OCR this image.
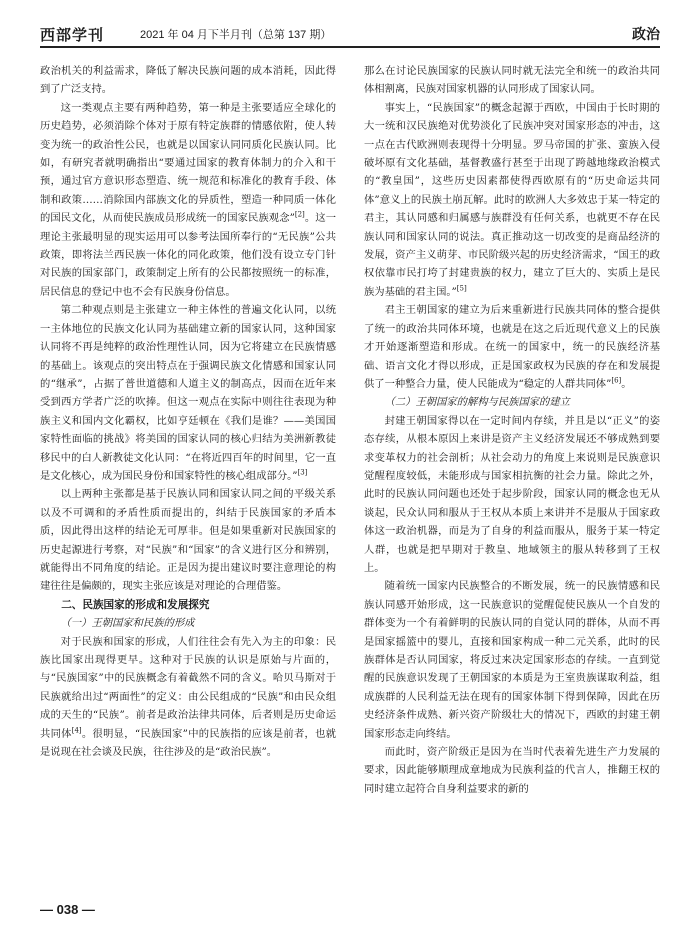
西部学刊	2021 年 04 月下半月刊（总第 137 期）	政治

政治机关的利益需求，降低了解决民族问题的成本消耗，因此得到了广泛支持。

这一类观点主要有两种趋势，第一种是主张要适应全球化的历史趋势，必须消除个体对于原有特定族群的情感依附，使人转变为统一的政治性公民，也就是以国家认同同质化民族认同。比如，有研究者就明确指出“要通过国家的教育体制力的介入和干预，通过官方意识形态塑造、统一规范和标准化的教育手段、体制和政策……消除国内部族文化的异质性，塑造一种同质一体化的国民文化，从而使民族成员形成统一的国家民族观念”[2]。这一理论主张最明显的现实运用可以参考法国所奉行的“无民族”公共政策，即将法兰西民族一体化的同化政策，他们没有设立专门针对民族的国家部门，政策制定上所有的公民都按照统一的标准，居民信息的登记中也不会有民族身份信息。

第二种观点则是主张建立一种主体性的普遍文化认同，以统一主体地位的民族文化认同为基础建立新的国家认同，这种国家认同将不再是纯粹的政治性理性认同，因为它将建立在民族情感的基础上。该观点的突出特点在于强调民族文化情感和国家认同的“继承”，占据了普世道德和人道主义的制高点，因而在近年来受到西方学者广泛的吹捧。但这一观点在实际中则往往表现为种族主义和国内文化霸权，比如亨廷顿在《我们是谁？——美国国家特性面临的挑战》将美国的国家认同的核心归结为美洲新教徒移民中的白人新教徒文化认同：“在将近四百年的时间里，它一直是文化核心，成为国民身份和国家特性的核心组成部分。”[3]

以上两种主张都是基于民族认同和国家认同之间的平级关系以及不可调和的矛盾性质而提出的，纠结于民族国家的矛盾本质，因此得出这样的结论无可厚非。但是如果重新对民族国家的历史起源进行考察，对“民族”和“国家”的含义进行区分和辨别，就能得出不同角度的结论。正是因为提出建议时要注意理论的构建往往是偏颇的，现实主张应该是对理论的合理借鉴。

二、民族国家的形成和发展探究
（一）王朝国家和民族的形成

对于民族和国家的形成，人们往往会有先入为主的印象：民族比国家出现得更早。这种对于民族的认识是原始与片面的，与“民族国家”中的民族概念有着截然不同的含义。哈贝马斯对于民族就给出过“两面性”的定义：由公民组成的“民族”和由民众组成的天生的“民族”。前者是政治法律共同体，后者则是历史命运共同体[4]。很明显，“民族国家”中的民族指的应该是前者，也就是说现在社会谈及民族，往往涉及的是“政治民族”。

那么在讨论民族国家的民族认同时就无法完全和统一的政治共同体相割离，民族对国家机器的认同形成了国家认同。

事实上，“民族国家”的概念起源于西欧，中国由于长时期的大一统和汉民族绝对优势淡化了民族冲突对国家形态的冲击，这一点在古代欧洲则表现得十分明显。罗马帝国的扩张、蛮族入侵破坏原有文化基础，基督教盛行甚至于出现了跨越地缘政治模式的“教皇国”，这些历史因素都使得西欧原有的“历史命运共同体”意义上的民族土崩瓦解。此时的欧洲人大多效忠于某一特定的君主，其认同感和归属感与族群没有任何关系，也就更不存在民族认同和国家认同的说法。真正推动这一切改变的是商品经济的发展，资产主义萌芽、市民阶级兴起的历史经济需求，“国王的政权依靠市民打垮了封建贵族的权力，建立了巨大的、实质上是民族为基础的君主国。”[5]

君主王朝国家的建立为后来重新进行民族共同体的整合提供了统一的政治共同体环境，也就是在这之后近现代意义上的民族才开始逐渐塑造和形成。在统一的国家中，统一的民族经济基础、语言文化才得以形成，正是国家政权为民族的存在和发展提供了一种整合力量，使人民能成为“稳定的人群共同体”[6]。

（二）王朝国家的解构与民族国家的建立

封建王朝国家得以在一定时间内存续，并且是以“正义”的姿态存续，从根本原因上来讲是资产主义经济发展还不够成熟到要求变革权力的社会剖析；从社会动力的角度上来说则是民族意识觉醒程度较低，未能形成与国家相抗衡的社会力量。除此之外，此时的民族认同问题也还处于起步阶段，国家认同的概念也无从谈起，民众认同和服从于王权从本质上来讲并不是服从于国家政体这一政治机器，而是为了自身的利益而服从，服务于某一特定人群，也就是把早期对于教皇、地域领主的服从转移到了王权上。

随着统一国家内民族整合的不断发展，统一的民族情感和民族认同感开始形成，这一民族意识的觉醒促使民族从一个自发的群体变为一个有着鲜明的民族认同的自觉认同的群体，从而不再是国家摇篮中的婴儿，直接和国家构成一种二元关系，此时的民族群体是否认同国家，将反过来决定国家形态的存续。一直到觉醒的民族意识发现了王朝国家的本质是为王室贵族谋取利益，组成族群的人民利益无法在现有的国家体制下得到保障，因此在历史经济条件成熟、新兴资产阶级壮大的情况下，西欧的封建王朝国家形态走向终结。

而此时，资产阶级正是因为在当时代表着先进生产力发展的要求，因此能够顺理成章地成为民族利益的代言人，推翻王权的同时建立起符合自身利益要求的新的

— 038 —
